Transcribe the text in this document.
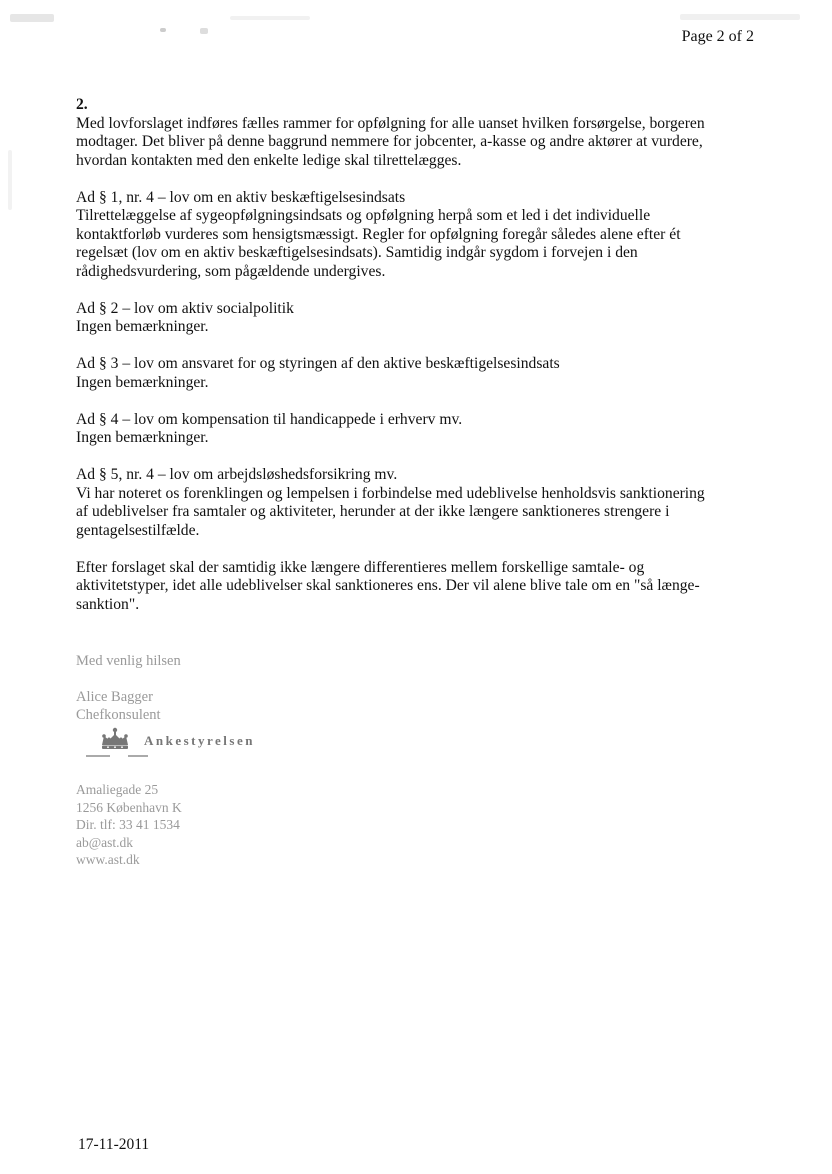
Page 2 of 2

2.

Med lovforslaget indføres fælles rammer for opfølgning for alle uanset hvilken forsørgelse, borgeren
modtager. Det bliver på denne baggrund nemmere for jobcenter, a-kasse og andre aktører at vurdere,
hvordan kontakten med den enkelte ledige skal tilrettelægges.
Ad § 1, nr. 4 – lov om en aktiv beskæftigelsesindsats
Tilrettelæggelse af sygeopfølgningsindsats og opfølgning herpå som et led i det individuelle
kontaktforløb vurderes som hensigtsmæssigt. Regler for opfølgning foregår således alene efter ét
regelsæt (lov om en aktiv beskæftigelsesindsats). Samtidig indgår sygdom i forvejen i den
rådighedsvurdering, som pågældende undergives.
Ad § 2 – lov om aktiv socialpolitik
Ingen bemærkninger.
Ad § 3 – lov om ansvaret for og styringen af den aktive beskæftigelsesindsats
Ingen bemærkninger.
Ad § 4 – lov om kompensation til handicappede i erhverv mv.
Ingen bemærkninger.
Ad § 5, nr. 4 – lov om arbejdsløshedsforsikring mv.
Vi har noteret os forenklingen og lempelsen i forbindelse med udeblivelse henholdsvis sanktionering
af udeblivelser fra samtaler og aktiviteter, herunder at der ikke længere sanktioneres strengere i
gentagelsestilfælde.
Efter forslaget skal der samtidig ikke længere differentieres mellem forskellige samtale- og
aktivitetstyper, idet alle udeblivelser skal sanktioneres ens. Der vil alene blive tale om en "så længe-
sanktion".
Med venlig hilsen
Alice Bagger
Chefkonsulent
Ankestyrelsen
Amaliegade 25
1256 København K
Dir. tlf: 33 41 1534
ab@ast.dk
www.ast.dk
17-11-2011
